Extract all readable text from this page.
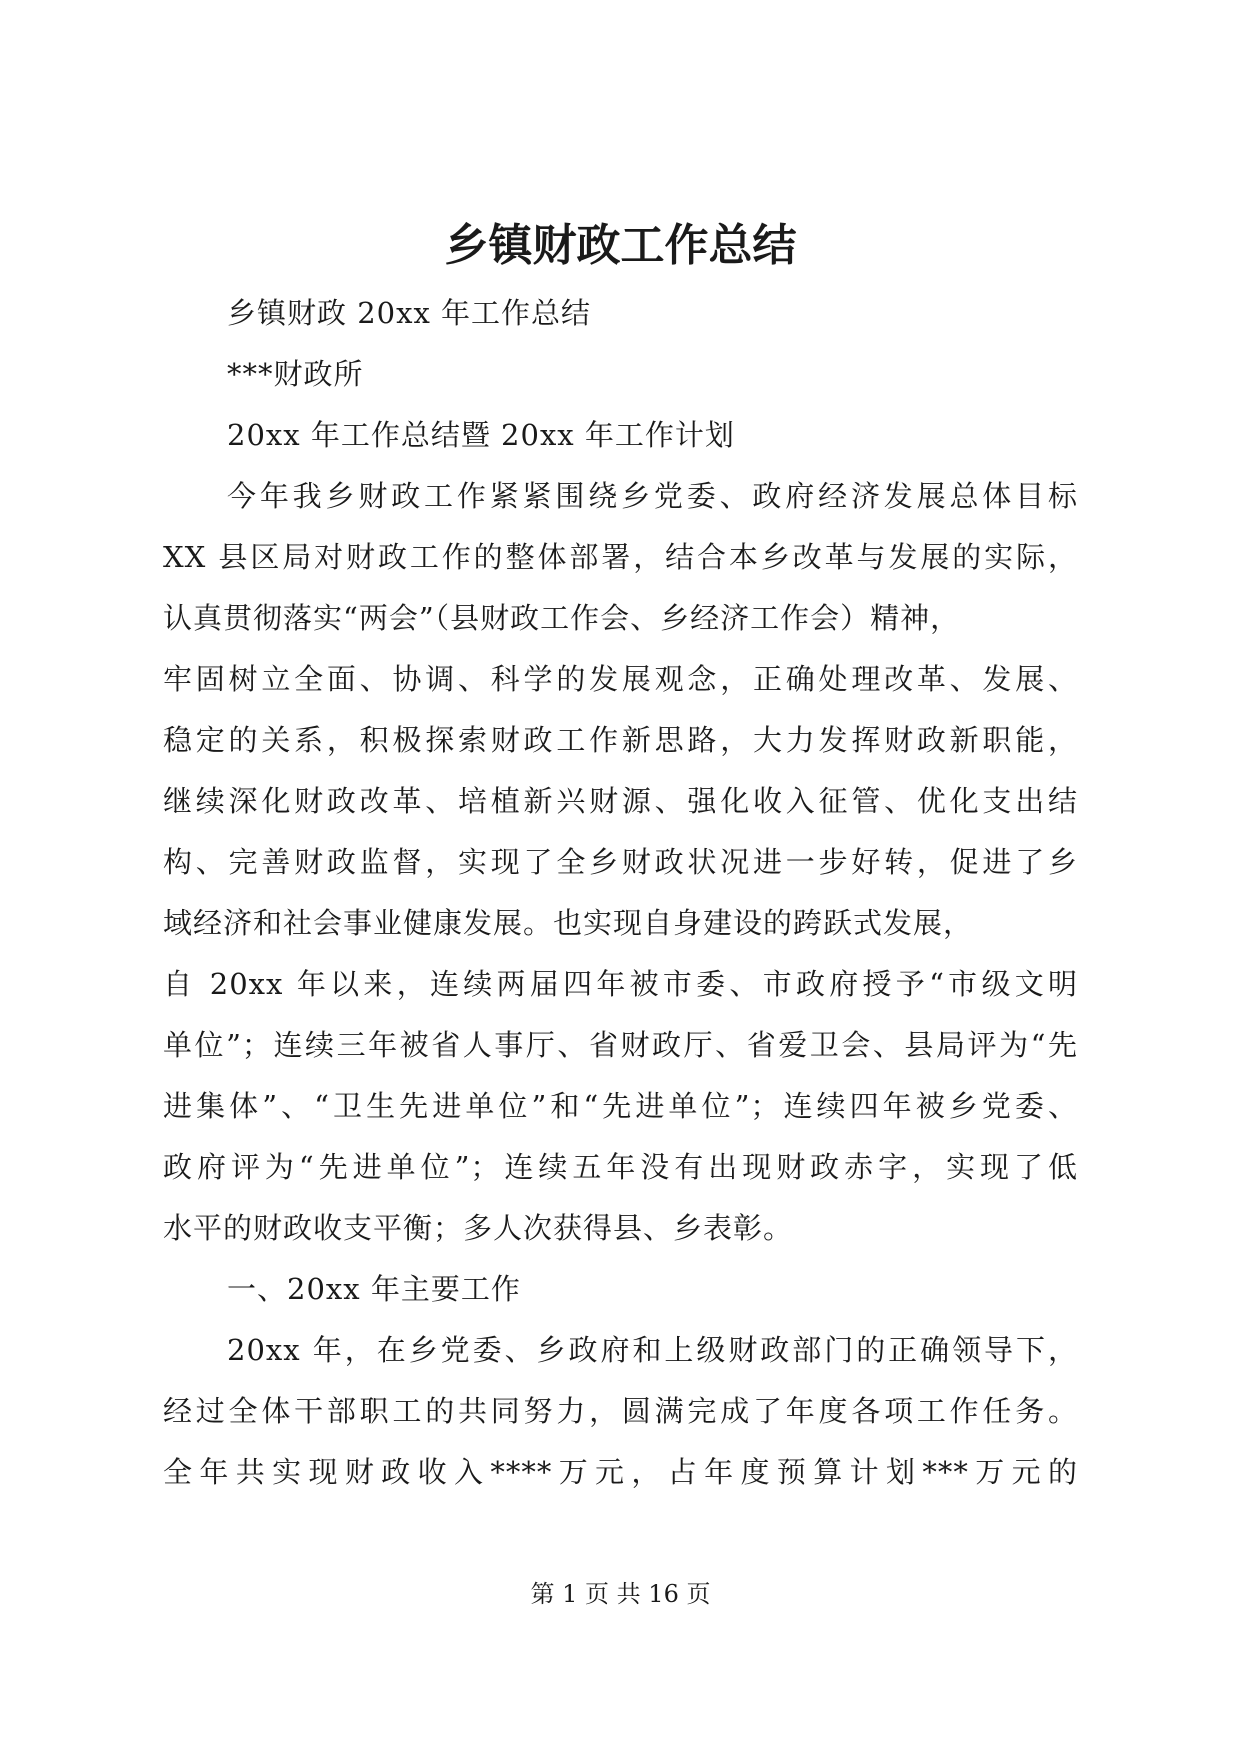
乡镇财政工作总结
乡镇财政 20xx 年工作总结
***财政所
20xx 年工作总结暨 20xx 年工作计划
今年我乡财政工作紧紧围绕乡党委、政府经济发展总体目标
XX 县区局对财政工作的整体部署，结合本乡改革与发展的实际，
认真贯彻落实“两会”（县财政工作会、乡经济工作会）精神，
牢固树立全面、协调、科学的发展观念，正确处理改革、发展、
稳定的关系，积极探索财政工作新思路，大力发挥财政新职能，
继续深化财政改革、培植新兴财源、强化收入征管、优化支出结
构、完善财政监督，实现了全乡财政状况进一步好转，促进了乡
域经济和社会事业健康发展。也实现自身建设的跨跃式发展，
自 20xx 年以来，连续两届四年被市委、市政府授予“市级文明
单位”；连续三年被省人事厅、省财政厅、省爱卫会、县局评为“先
进集体”、“卫生先进单位”和“先进单位”；连续四年被乡党委、
政府评为“先进单位”；连续五年没有出现财政赤字，实现了低
水平的财政收支平衡；多人次获得县、乡表彰。
一、20xx 年主要工作
20xx 年，在乡党委、乡政府和上级财政部门的正确领导下，
经过全体干部职工的共同努力，圆满完成了年度各项工作任务。
全年共实现财政收入****万元，占年度预算计划***万元的
第 1 页 共 16 页
